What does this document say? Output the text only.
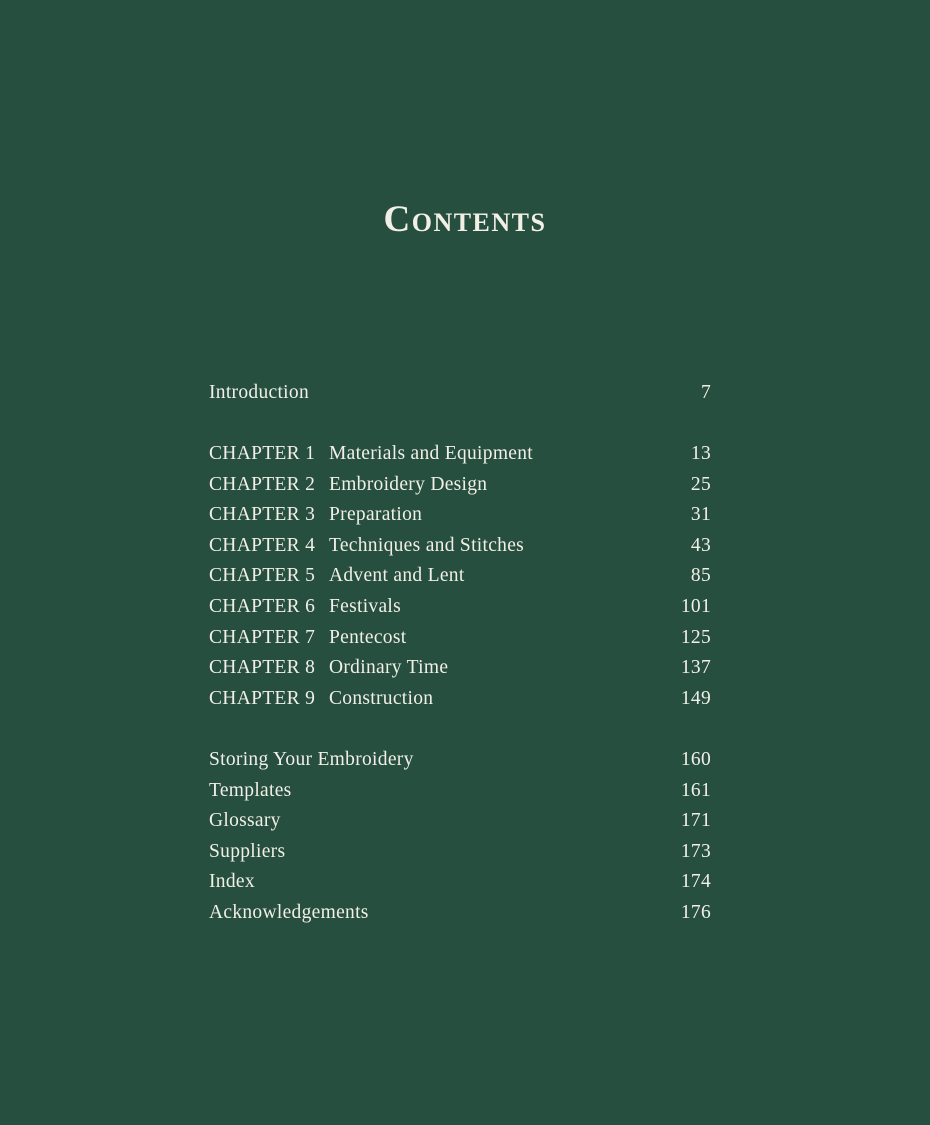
Contents
Introduction	7
CHAPTER 1 Materials and Equipment	13
CHAPTER 2 Embroidery Design	25
CHAPTER 3 Preparation	31
CHAPTER 4 Techniques and Stitches	43
CHAPTER 5 Advent and Lent	85
CHAPTER 6 Festivals	101
CHAPTER 7 Pentecost	125
CHAPTER 8 Ordinary Time	137
CHAPTER 9 Construction	149
Storing Your Embroidery	160
Templates	161
Glossary	171
Suppliers	173
Index	174
Acknowledgements	176
